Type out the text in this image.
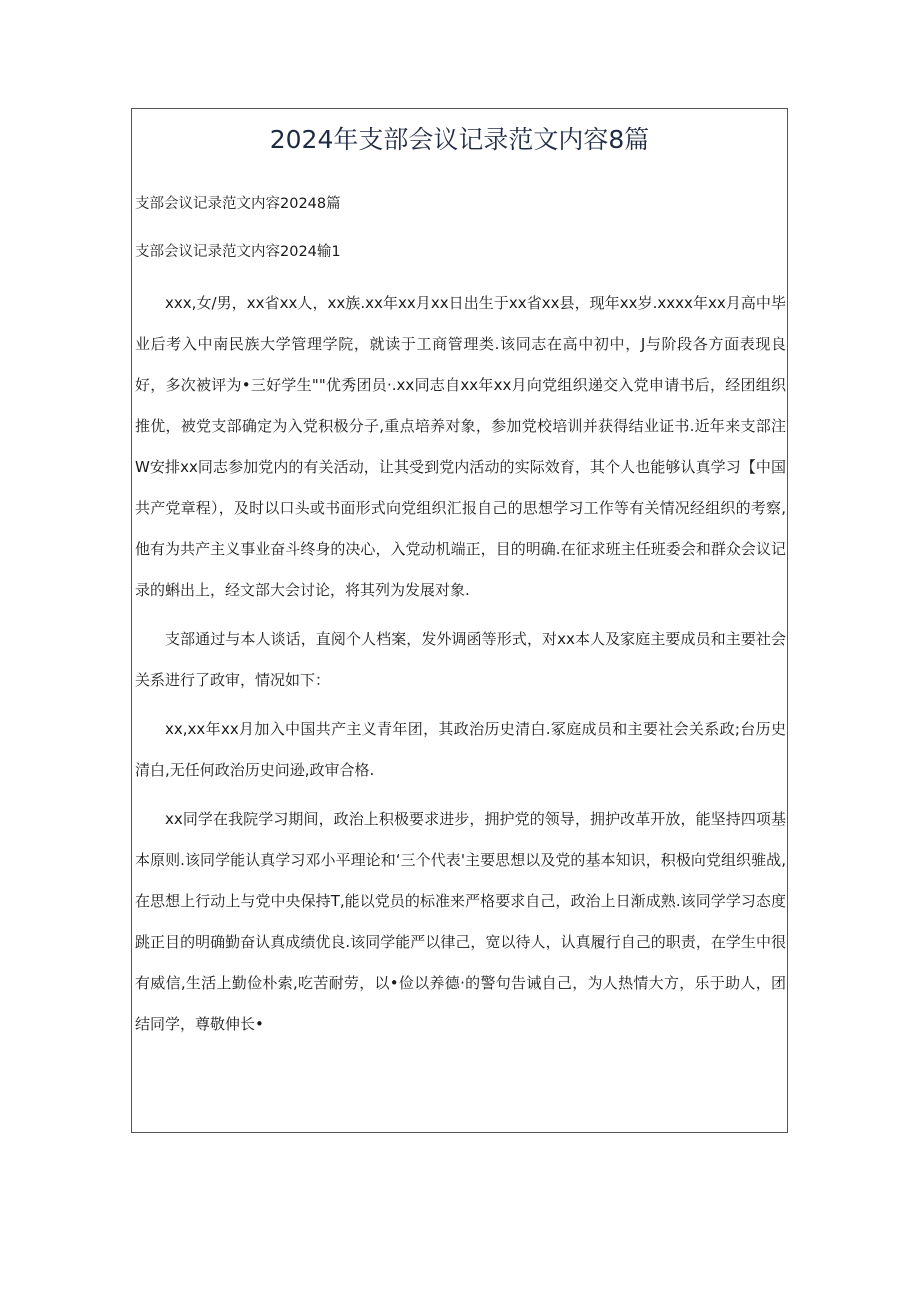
2024年支部会议记录范文内容8篇

支部会议记录范文内容20248篇

支部会议记录范文内容2024输1

xxx,女/男，xx省xx人，xx族.xx年xx月xx日出生于xx省xx县，现年xx岁.xxxx年xx月高中毕业后考入中南民族大学管理学院，就读于工商管理类.该同志在高中初中，J与阶段各方面表现良好，多次被评为•三好学生""优秀团员·.xx同志自xx年xx月向党组织递交入党申请书后，经团组织推优，被党支部确定为入党积极分子,重点培养对象，参加党校培训并获得结业证书.近年来支部注W安排xx同志参加党内的有关活动，让其受到党内活动的实际效育，其个人也能够认真学习【中国共产党章程），及时以口头或书面形式向党组织汇报自己的思想学习工作等有关情况经组织的考察,他有为共产主义事业奋斗终身的决心，入党动机端正，目的明确.在征求班主任班委会和群众会议记录的蝌出上，经文部大会讨论，将其列为发展对象.

支部通过与本人谈话，直阅个人档案，发外调函等形式，对xx本人及家庭主要成员和主要社会关系进行了政审，情况如下：

xx,xx年xx月加入中国共产主义青年团，其政治历史清白.冢庭成员和主要社会关系政;台历史清白,无任何政治历史问逊,政审合格.

xx同学在我院学习期间，政治上积极要求进步，拥护党的领导，拥护改革开放，能坚持四项基本原则.该同学能认真学习邓小平理论和‘三个代表'主要思想以及党的基本知识，积极向党组织骓战,在思想上行动上与党中央保持T,能以党员的标准来严格要求自己，政治上日渐成熟.该同学学习态度跳正目的明确勤奋认真成绩优良.该同学能严以律己，宽以待人，认真履行自己的职责，在学生中很有威信,生活上勤俭朴索,吃苦耐劳，以•俭以养德·的警句告诫自己，为人热情大方，乐于助人，团结同学，尊敬伸长•
